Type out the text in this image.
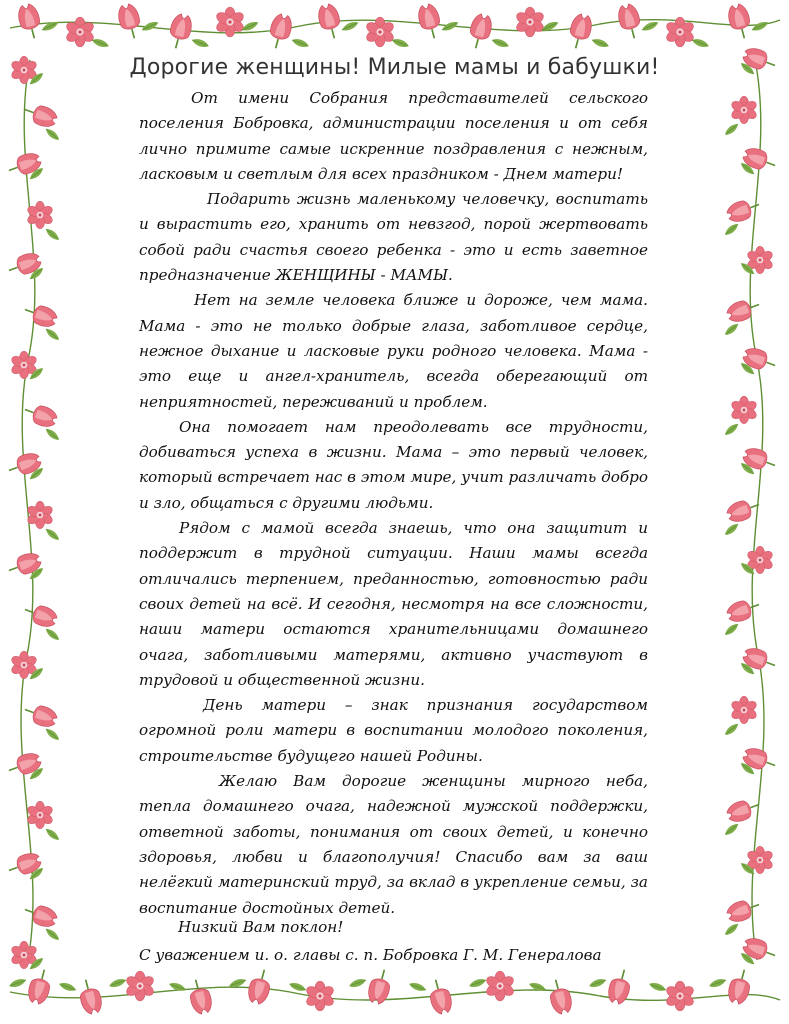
Дорогие женщины! Милые мамы и бабушки!

От имени Собрания представителей сельского поселения Бобровка, администрации поселения и от себя лично примите самые искренние поздравления с нежным, ласковым и светлым для всех праздником - Днем матери!

Подарить жизнь маленькому человечку, воспитать и вырастить его, хранить от невзгод, порой жертвовать собой ради счастья своего ребенка - это и есть заветное предназначение ЖЕНЩИНЫ - МАМЫ.

Нет на земле человека ближе и дороже, чем мама. Мама - это не только добрые глаза, заботливое сердце, нежное дыхание и ласковые руки родного человека. Мама - это еще и ангел-хранитель, всегда оберегающий от неприятностей, переживаний и проблем.

Она помогает нам преодолевать все трудности, добиваться успеха в жизни. Мама – это первый человек, который встречает нас в этом мире, учит различать добро и зло, общаться с другими людьми.

Рядом с мамой всегда знаешь, что она защитит и поддержит в трудной ситуации. Наши мамы всегда отличались терпением, преданностью, готовностью ради своих детей на всё. И сегодня, несмотря на все сложности, наши матери остаются хранительницами домашнего очага, заботливыми матерями, активно участвуют в трудовой и общественной жизни.

День матери – знак признания государством огромной роли матери в воспитании молодого поколения, строительстве будущего нашей Родины.

Желаю Вам дорогие женщины мирного неба, тепла домашнего очага, надежной мужской поддержки, ответной заботы, понимания от своих детей, и конечно здоровья, любви и благополучия! Спасибо вам за ваш нелёгкий материнский труд, за вклад в укрепление семьи, за воспитание достойных детей.

Низкий Вам поклон!
С уважением и. о. главы с. п. Бобровка Г. М. Генералова
